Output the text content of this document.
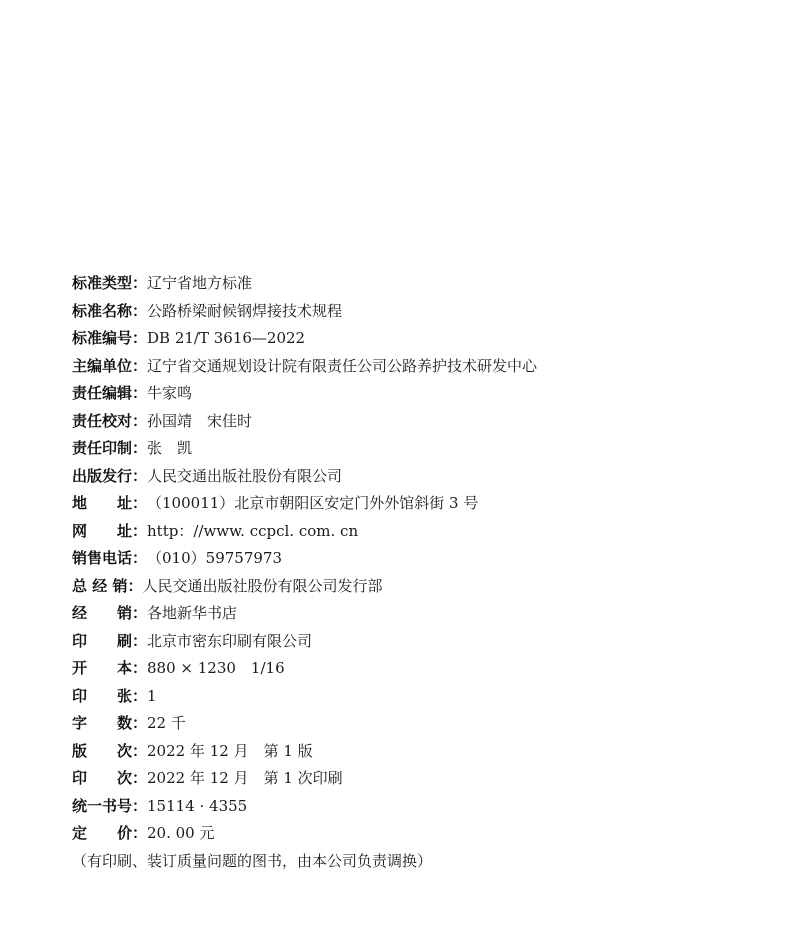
标准类型：辽宁省地方标准
标准名称：公路桥梁耐候钢焊接技术规程
标准编号：DB 21/T 3616—2022
主编单位：辽宁省交通规划设计院有限责任公司公路养护技术研发中心
责任编辑：牛家鸣
责任校对：孙国靖　宋佳时
责任印制：张　凯
出版发行：人民交通出版社股份有限公司
地　　址：（100011）北京市朝阳区安定门外外馆斜街 3 号
网　　址：http：//www. ccpcl. com. cn
销售电话：（010）59757973
总 经 销：人民交通出版社股份有限公司发行部
经　　销：各地新华书店
印　　刷：北京市密东印刷有限公司
开　　本：880 × 1230　1/16
印　　张：1
字　　数：22 千
版　　次：2022 年 12 月　第 1 版
印　　次：2022 年 12 月　第 1 次印刷
统一书号：15114 · 4355
定　　价：20. 00 元
（有印刷、装订质量问题的图书，由本公司负责调换）
